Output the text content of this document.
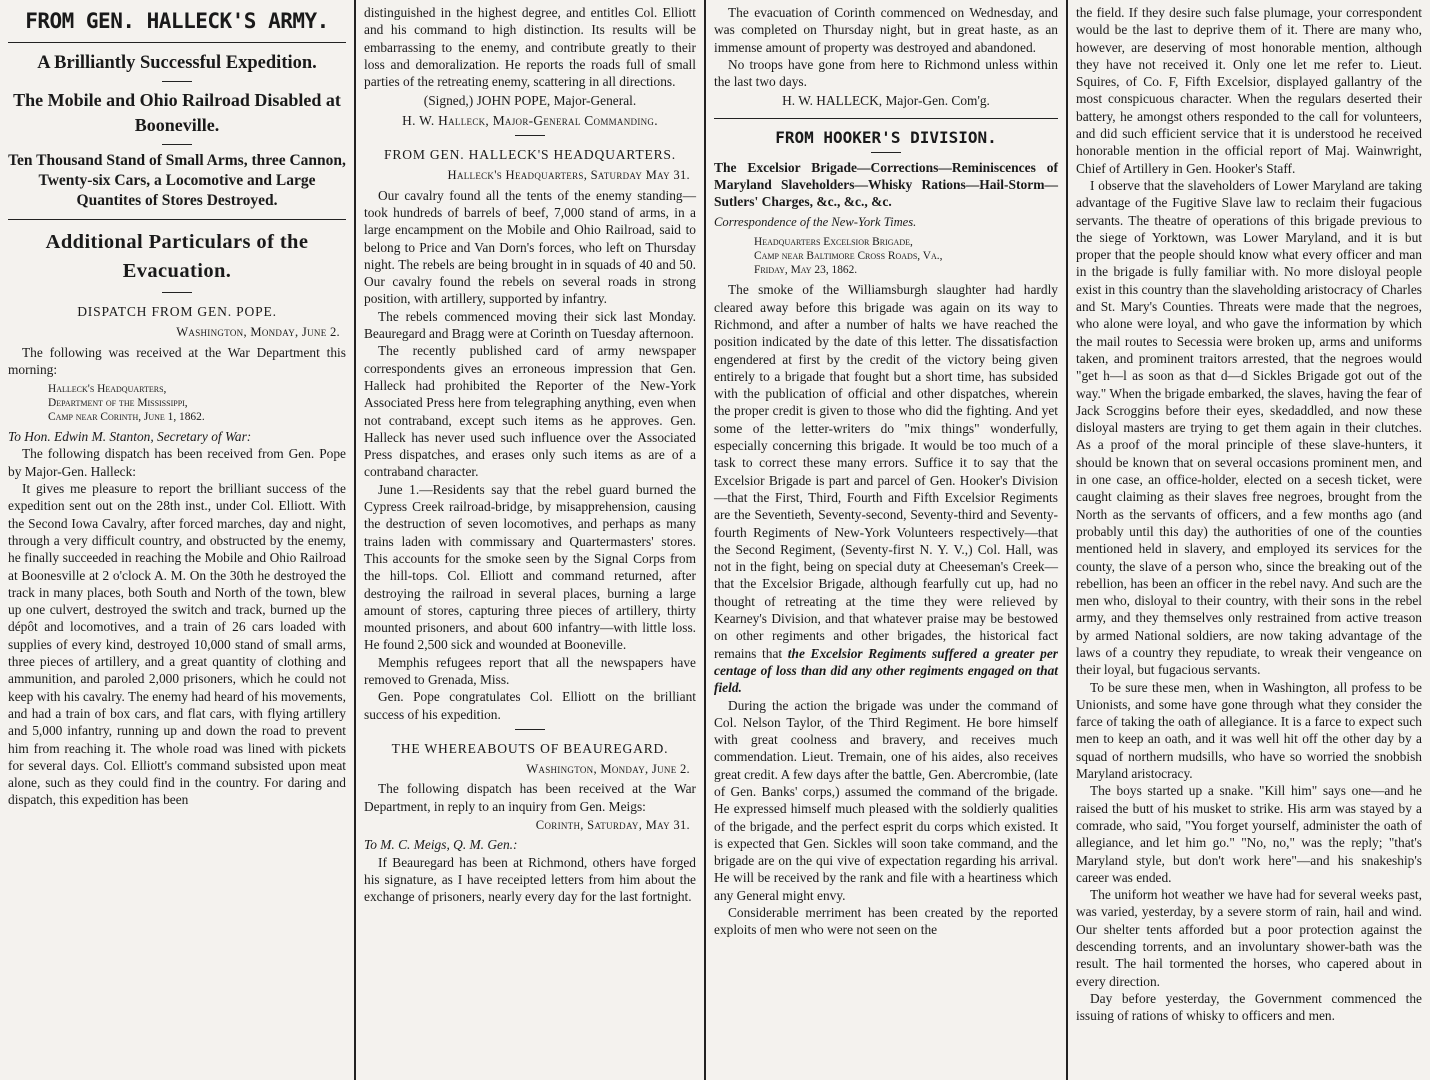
FROM GEN. HALLECK'S ARMY.
A Brilliantly Successful Expedition.
The Mobile and Ohio Railroad Disabled at Booneville.
Ten Thousand Stand of Small Arms, three Cannon, Twenty-six Cars, a Locomotive and Large Quantites of Stores Destroyed.
Additional Particulars of the Evacuation.
DISPATCH FROM GEN. POPE.
Washington, Monday, June 2.

The following was received at the War Department this morning:

Halleck's Headquarters,
Department of the Mississippi,
Camp near Corinth, June 1, 1862.

To Hon. Edwin M. Stanton, Secretary of War:

The following dispatch has been received from Gen. Pope by Major-Gen. Halleck:

It gives me pleasure to report the brilliant success of the expedition sent out on the 28th inst., under Col. Elliott. With the Second Iowa Cavalry, after forced marches, day and night, through a very difficult country, and obstructed by the enemy, he finally succeeded in reaching the Mobile and Ohio Railroad at Boonesville at 2 o'clock A. M. On the 30th he destroyed the track in many places, both South and North of the town, blew up one culvert, destroyed the switch and track, burned up the dépôt and locomotives, and a train of 26 cars loaded with supplies of every kind, destroyed 10,000 stand of small arms, three pieces of artillery, and a great quantity of clothing and ammunition, and paroled 2,000 prisoners, which he could not keep with his cavalry. The enemy had heard of his movements, and had a train of box cars, and flat cars, with flying artillery and 5,000 infantry, running up and down the road to prevent him from reaching it. The whole road was lined with pickets for several days. Col. Elliott's command subsisted upon meat alone, such as they could find in the country. For daring and dispatch, this expedition has been

distinguished in the highest degree, and entitles Col. Elliott and his command to high distinction. Its results will be embarrassing to the enemy, and contribute greatly to their loss and demoralization. He reports the roads full of small parties of the retreating enemy, scattering in all directions.

(Signed,) JOHN POPE, Major-General.
H. W. Halleck, Major-General Commanding.
FROM GEN. HALLECK'S HEADQUARTERS.
Halleck's Headquarters, Saturday May 31.

Our cavalry found all the tents of the enemy standing—took hundreds of barrels of beef, 7,000 stand of arms, in a large encampment on the Mobile and Ohio Railroad, said to belong to Price and Van Dorn's forces, who left on Thursday night. The rebels are being brought in in squads of 40 and 50. Our cavalry found the rebels on several roads in strong position, with artillery, supported by infantry.

The rebels commenced moving their sick last Monday. Beauregard and Bragg were at Corinth on Tuesday afternoon.

The recently published card of army newspaper correspondents gives an erroneous impression that Gen. Halleck had prohibited the Reporter of the New-York Associated Press here from telegraphing anything, even when not contraband, except such items as he approves. Gen. Halleck has never used such influence over the Associated Press dispatches, and erases only such items as are of a contraband character.

June 1.—Residents say that the rebel guard burned the Cypress Creek railroad-bridge, by misapprehension, causing the destruction of seven locomotives, and perhaps as many trains laden with commissary and Quartermasters' stores. This accounts for the smoke seen by the Signal Corps from the hill-tops. Col. Elliott and command returned, after destroying the railroad in several places, burning a large amount of stores, capturing three pieces of artillery, thirty mounted prisoners, and about 600 infantry—with little loss. He found 2,500 sick and wounded at Booneville.

Memphis refugees report that all the newspapers have removed to Grenada, Miss.

Gen. Pope congratulates Col. Elliott on the brilliant success of his expedition.

THE WHEREABOUTS OF BEAUREGARD.
Washington, Monday, June 2.

The following dispatch has been received at the War Department, in reply to an inquiry from Gen. Meigs:

Corinth, Saturday, May 31.

To M. C. Meigs, Q. M. Gen.:

If Beauregard has been at Richmond, others have forged his signature, as I have receipted letters from him about the exchange of prisoners, nearly every day for the last fortnight.

The evacuation of Corinth commenced on Wednesday, and was completed on Thursday night, but in great haste, as an immense amount of property was destroyed and abandoned.

No troops have gone from here to Richmond unless within the last two days.

H. W. HALLECK, Major-Gen. Com'g.
FROM HOOKER'S DIVISION.
The Excelsior Brigade—Corrections—Reminiscences of Maryland Slaveholders—Whisky Rations—Hail-Storm—Sutlers' Charges, &c., &c., &c.
Correspondence of the New-York Times.
Headquarters Excelsior Brigade,
Camp near Baltimore Cross Roads, Va.,
Friday, May 23, 1862.

The smoke of the Williamsburgh slaughter had hardly cleared away before this brigade was again on its way to Richmond, and after a number of halts we have reached the position indicated by the date of this letter. The dissatisfaction engendered at first by the credit of the victory being given entirely to a brigade that fought but a short time, has subsided with the publication of official and other dispatches, wherein the proper credit is given to those who did the fighting. And yet some of the letter-writers do "mix things" wonderfully, especially concerning this brigade. It would be too much of a task to correct these many errors. Suffice it to say that the Excelsior Brigade is part and parcel of Gen. Hooker's Division—that the First, Third, Fourth and Fifth Excelsior Regiments are the Seventieth, Seventy-second, Seventy-third and Seventy-fourth Regiments of New-York Volunteers respectively—that the Second Regiment, (Seventy-first N. Y. V.,) Col. Hall, was not in the fight, being on special duty at Cheeseman's Creek—that the Excelsior Brigade, although fearfully cut up, had no thought of retreating at the time they were relieved by Kearney's Division, and that whatever praise may be bestowed on other regiments and other brigades, the historical fact remains that the Excelsior Regiments suffered a greater per centage of loss than did any other regiments engaged on that field.

During the action the brigade was under the command of Col. Nelson Taylor, of the Third Regiment. He bore himself with great coolness and bravery, and receives much commendation. Lieut. Tremain, one of his aides, also receives great credit. A few days after the battle, Gen. Abercrombie, (late of Gen. Banks' corps,) assumed the command of the brigade. He expressed himself much pleased with the soldierly qualities of the brigade, and the perfect esprit du corps which existed. It is expected that Gen. Sickles will soon take command, and the brigade are on the qui vive of expectation regarding his arrival. He will be received by the rank and file with a heartiness which any General might envy.

Considerable merriment has been created by the reported exploits of men who were not seen on the

the field. If they desire such false plumage, your correspondent would be the last to deprive them of it. There are many who, however, are deserving of most honorable mention, although they have not received it. Only one let me refer to. Lieut. Squires, of Co. F, Fifth Excelsior, displayed gallantry of the most conspicuous character. When the regulars deserted their battery, he amongst others responded to the call for volunteers, and did such efficient service that it is understood he received honorable mention in the official report of Maj. Wainwright, Chief of Artillery in Gen. Hooker's Staff.

I observe that the slaveholders of Lower Maryland are taking advantage of the Fugitive Slave law to reclaim their fugacious servants. The theatre of operations of this brigade previous to the siege of Yorktown, was Lower Maryland, and it is but proper that the people should know what every officer and man in the brigade is fully familiar with. No more disloyal people exist in this country than the slaveholding aristocracy of Charles and St. Mary's Counties. Threats were made that the negroes, who alone were loyal, and who gave the information by which the mail routes to Secessia were broken up, arms and uniforms taken, and prominent traitors arrested, that the negroes would "get h—l as soon as that d—d Sickles Brigade got out of the way." When the brigade embarked, the slaves, having the fear of Jack Scroggins before their eyes, skedaddled, and now these disloyal masters are trying to get them again in their clutches. As a proof of the moral principle of these slave-hunters, it should be known that on several occasions prominent men, and in one case, an office-holder, elected on a secesh ticket, were caught claiming as their slaves free negroes, brought from the North as the servants of officers, and a few months ago (and probably until this day) the authorities of one of the counties mentioned held in slavery, and employed its services for the county, the slave of a person who, since the breaking out of the rebellion, has been an officer in the rebel navy. And such are the men who, disloyal to their country, with their sons in the rebel army, and they themselves only restrained from active treason by armed National soldiers, are now taking advantage of the laws of a country they repudiate, to wreak their vengeance on their loyal, but fugacious servants.

To be sure these men, when in Washington, all profess to be Unionists, and some have gone through what they consider the farce of taking the oath of allegiance. It is a farce to expect such men to keep an oath, and it was well hit off the other day by a squad of northern mudsills, who have so worried the snobbish Maryland aristocracy.

The boys started up a snake. "Kill him" says one—and he raised the butt of his musket to strike. His arm was stayed by a comrade, who said, "You forget yourself, administer the oath of allegiance, and let him go." "No, no," was the reply; "that's Maryland style, but don't work here"—and his snakeship's career was ended.

The uniform hot weather we have had for several weeks past, was varied, yesterday, by a severe storm of rain, hail and wind. Our shelter tents afforded but a poor protection against the descending torrents, and an involuntary shower-bath was the result. The hail tormented the horses, who capered about in every direction.

Day before yesterday, the Government commenced the issuing of rations of whisky to officers and men.
